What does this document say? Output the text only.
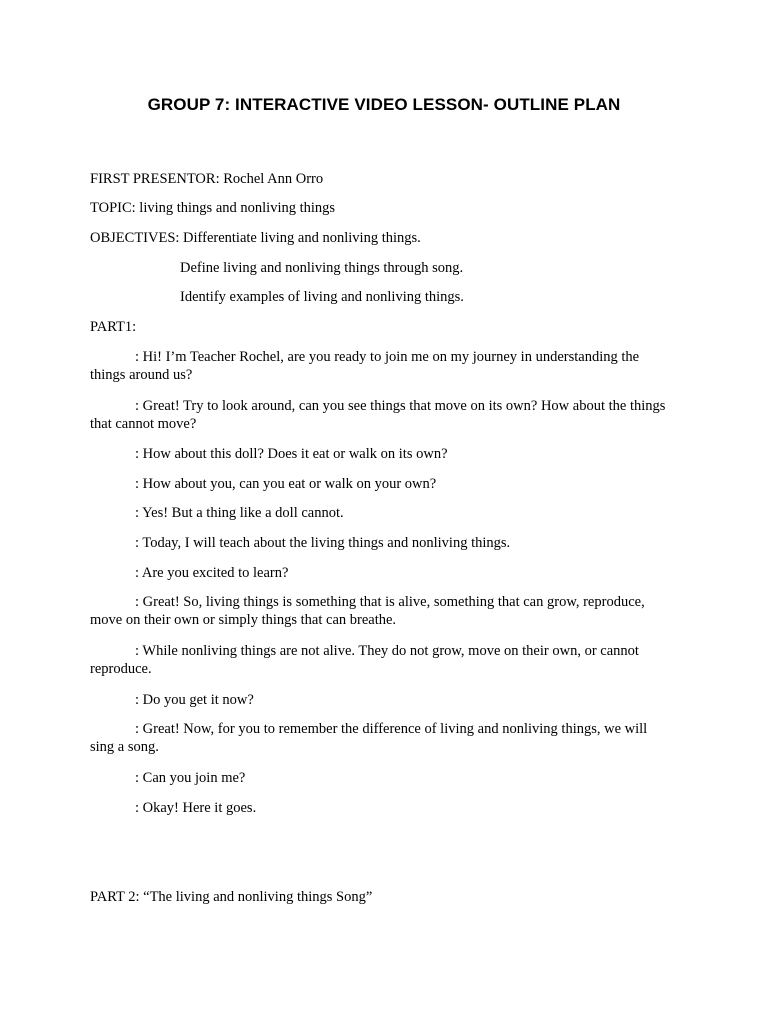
GROUP 7: INTERACTIVE VIDEO LESSON- OUTLINE PLAN
FIRST PRESENTOR: Rochel Ann Orro
TOPIC: living things and nonliving things
OBJECTIVES: Differentiate living and nonliving things.
Define living and nonliving things through song.
Identify examples of living and nonliving things.
PART1:
: Hi! I’m Teacher Rochel, are you ready to join me on my journey in understanding the things around us?
: Great! Try to look around, can you see things that move on its own? How about the things that cannot move?
: How about this doll? Does it eat or walk on its own?
: How about you, can you eat or walk on your own?
: Yes! But a thing like a doll cannot.
: Today, I will teach about the living things and nonliving things.
: Are you excited to learn?
: Great! So, living things is something that is alive, something that can grow, reproduce, move on their own or simply things that can breathe.
: While nonliving things are not alive. They do not grow, move on their own, or cannot reproduce.
: Do you get it now?
: Great! Now, for you to remember the difference of living and nonliving things, we will sing a song.
: Can you join me?
: Okay! Here it goes.
PART 2: “The living and nonliving things Song”
